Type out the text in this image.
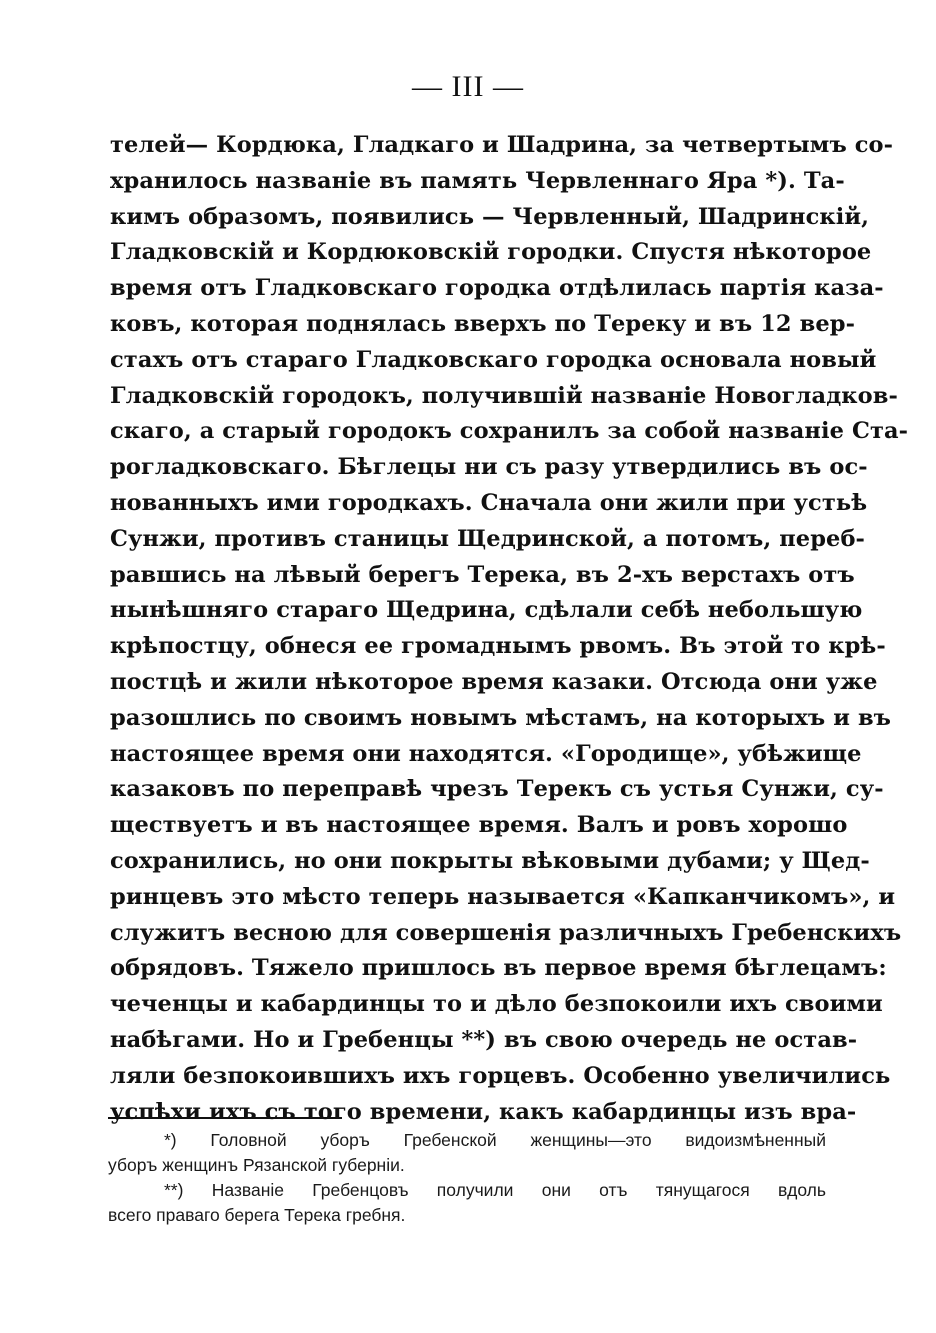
— III —
телей— Кордюка, Гладкаго и Шадрина, за четвертымъ со-
хранилось названіе въ память Червленнаго Яра *). Та-
кимъ образомъ, появились — Червленный, Шадринскій,
Гладковскій и Кордюковскій городки. Спустя нѣкоторое
время отъ Гладковскаго городка отдѣлилась партія каза-
ковъ, которая поднялась вверхъ по Тереку и въ 12 вер-
стахъ отъ стараго Гладковскаго городка основала новый
Гладковскій городокъ, получившій названіе Новогладков-
скаго, а старый городокъ сохранилъ за собой названіе Ста-
рогладковскаго. Бѣглецы ни съ разу утвердились въ ос-
нованныхъ ими городкахъ. Сначала они жили при устьѣ
Сунжи, противъ станицы Щедринской, а потомъ, переб-
равшись на лѣвый берегъ Терека, въ 2-хъ верстахъ отъ
нынѣшняго стараго Щедрина, сдѣлали себѣ небольшую
крѣпостцу, обнеся ее громаднымъ рвомъ. Въ этой то крѣ-
постцѣ и жили нѣкоторое время казаки. Отсюда они уже
разошлись по своимъ новымъ мѣстамъ, на которыхъ и въ
настоящее время они находятся. «Городище», убѣжище
казаковъ по переправѣ чрезъ Терекъ съ устья Сунжи, су-
ществуетъ и въ настоящее время. Валъ и ровъ хорошо
сохранились, но они покрыты вѣковыми дубами; у Щед-
ринцевъ это мѣсто теперь называется «Капканчикомъ», и
служитъ весною для совершенія различныхъ Гребенскихъ
обрядовъ. Тяжело пришлось въ первое время бѣглецамъ:
чеченцы и кабардинцы то и дѣло безпокоили ихъ своими
набѣгами. Но и Гребенцы **) въ свою очередь не остав-
ляли безпокоившихъ ихъ горцевъ. Особенно увеличились
успѣхи ихъ съ того времени, какъ кабардинцы изъ вра-
*) Головной уборъ Гребенской женщины—это видоизмѣненный
уборъ женщинъ Рязанской губерніи.
**) Названіе Гребенцовъ получили они отъ тянущагося вдоль
всего праваго берега Терека гребня.
